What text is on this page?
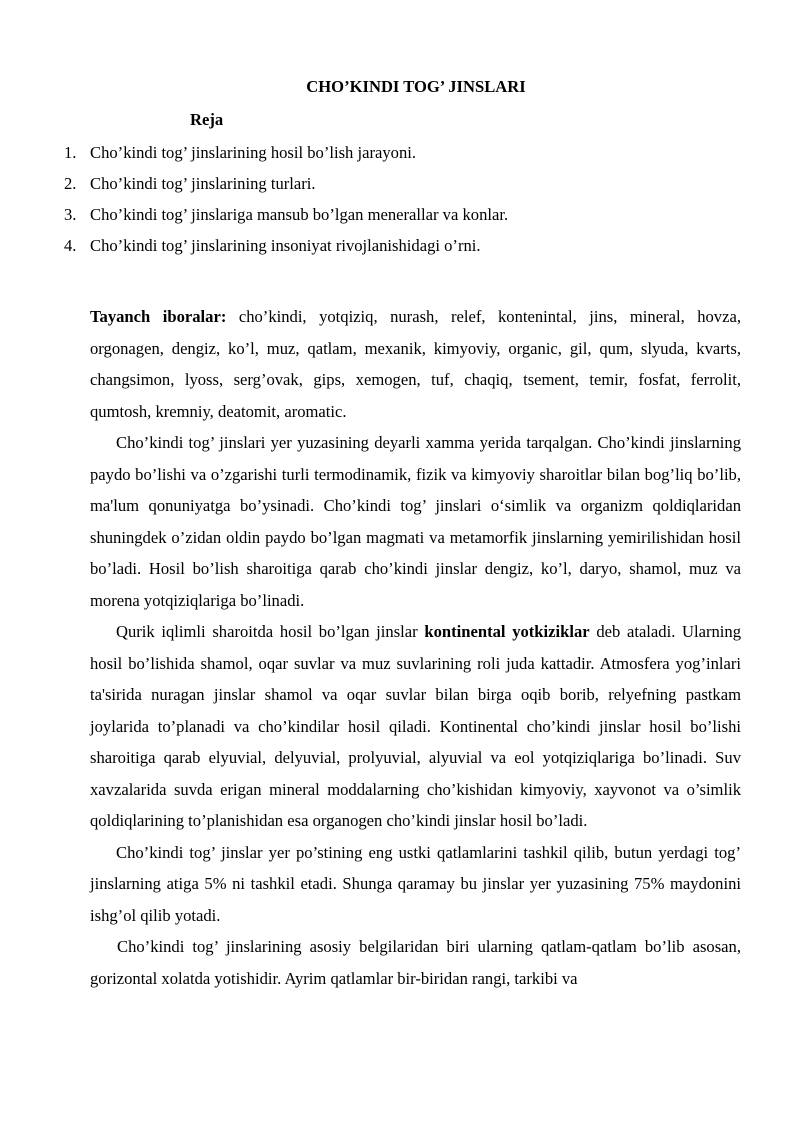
CHO’KINDI TOG’ JINSLARI
Reja
1. Cho’kindi tog’ jinslarining hosil bo’lish jarayoni.
2. Cho’kindi tog’ jinslarining turlari.
3. Cho’kindi tog’ jinslariga mansub bo’lgan menerallar va konlar.
4. Cho’kindi tog’ jinslarining insoniyat rivojlanishidagi o’rni.

Tayanch iboralar: cho’kindi, yotqiziq, nurash, relef, kontenintal, jins, mineral, hovza, orgonagen, dengiz, ko’l, muz, qatlam, mexanik, kimyoviy, organic, gil, qum, slyuda, kvarts, changsimon, lyoss, serg’ovak, gips, xemogen, tuf, chaqiq, tsement, temir, fosfat, ferrolit, qumtosh, kremniy, deatomit, aromatic.

Cho’kindi tog’ jinslari yer yuzasining deyarli xamma yerida tarqalgan. Cho’kindi jinslarning paydo bo’lishi va o’zgarishi turli termodinamik, fizik va kimyoviy sharoitlar bilan bog’liq bo’lib, ma'lum qonuniyatga bo’ysinadi. Cho’kindi tog’ jinslari o‘simlik va organizm qoldiqlaridan shuningdek o’zidan oldin paydo bo’lgan magmati va metamorfik jinslarning yemirilishidan hosil bo’ladi. Hosil bo’lish sharoitiga qarab cho’kindi jinslar dengiz, ko’l, daryo, shamol, muz va morena yotqiziqlariga bo’linadi.

Qurik iqlimli sharoitda hosil bo’lgan jinslar kontinental yotkiziklar deb ataladi. Ularning hosil bo’lishida shamol, oqar suvlar va muz suvlarining roli juda kattadir. Atmosfera yog’inlari ta'sirida nuragan jinslar shamol va oqar suvlar bilan birga oqib borib, relyefning pastkam joylarida to’planadi va cho’kindilar hosil qiladi. Kontinental cho’kindi jinslar hosil bo’lishi sharoitiga qarab elyuvial, delyuvial, prolyuvial, alyuvial va eol yotqiziqlariga bo’linadi. Suv xavzalarida suvda erigan mineral moddalarning cho’kishidan kimyoviy, xayvonot va o’simlik qoldiqlarining to’planishidan esa organogen cho’kindi jinslar hosil bo’ladi.

Cho’kindi tog’ jinslar yer po’stining eng ustki qatlamlarini tashkil qilib, butun yerdagi tog’ jinslarning atiga 5% ni tashkil etadi. Shunga qaramay bu jinslar yer yuzasining 75% maydonini ishg’ol qilib yotadi.

Cho’kindi tog’ jinslarining asosiy belgilaridan biri ularning qatlam-qatlam bo’lib asosan, gorizontal xolatda yotishidir. Ayrim qatlamlar bir-biridan rangi, tarkibi va
